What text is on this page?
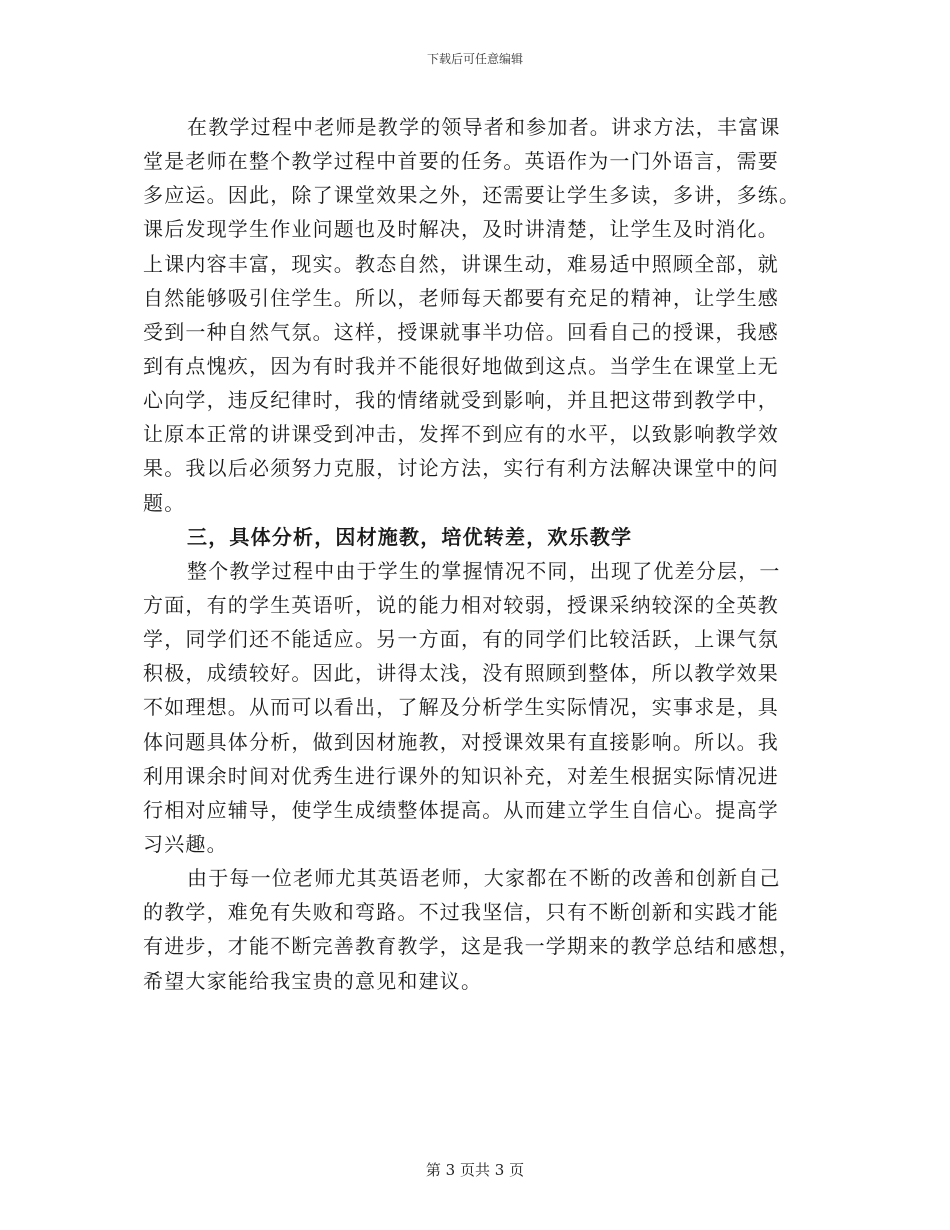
下载后可任意编辑

在教学过程中老师是教学的领导者和参加者。讲求方法，丰富课

堂是老师在整个教学过程中首要的任务。英语作为一门外语言，需要

多应运。因此，除了课堂效果之外，还需要让学生多读，多讲，多练。

课后发现学生作业问题也及时解决，及时讲清楚，让学生及时消化。

上课内容丰富，现实。教态自然，讲课生动，难易适中照顾全部，就

自然能够吸引住学生。所以，老师每天都要有充足的精神，让学生感

受到一种自然气氛。这样，授课就事半功倍。回看自己的授课，我感

到有点愧疚，因为有时我并不能很好地做到这点。当学生在课堂上无

心向学，违反纪律时，我的情绪就受到影响，并且把这带到教学中，

让原本正常的讲课受到冲击，发挥不到应有的水平，以致影响教学效

果。我以后必须努力克服，讨论方法，实行有利方法解决课堂中的问

题。

三，具体分析，因材施教，培优转差，欢乐教学

整个教学过程中由于学生的掌握情况不同，出现了优差分层，一

方面，有的学生英语听，说的能力相对较弱，授课采纳较深的全英教

学，同学们还不能适应。另一方面，有的同学们比较活跃，上课气氛

积极，成绩较好。因此，讲得太浅，没有照顾到整体，所以教学效果

不如理想。从而可以看出，了解及分析学生实际情况，实事求是，具

体问题具体分析，做到因材施教，对授课效果有直接影响。所以。我

利用课余时间对优秀生进行课外的知识补充，对差生根据实际情况进

行相对应辅导，使学生成绩整体提高。从而建立学生自信心。提高学

习兴趣。

由于每一位老师尤其英语老师，大家都在不断的改善和创新自己

的教学，难免有失败和弯路。不过我坚信，只有不断创新和实践才能

有进步，才能不断完善教育教学，这是我一学期来的教学总结和感想，

希望大家能给我宝贵的意见和建议。

第 3 页共 3 页
